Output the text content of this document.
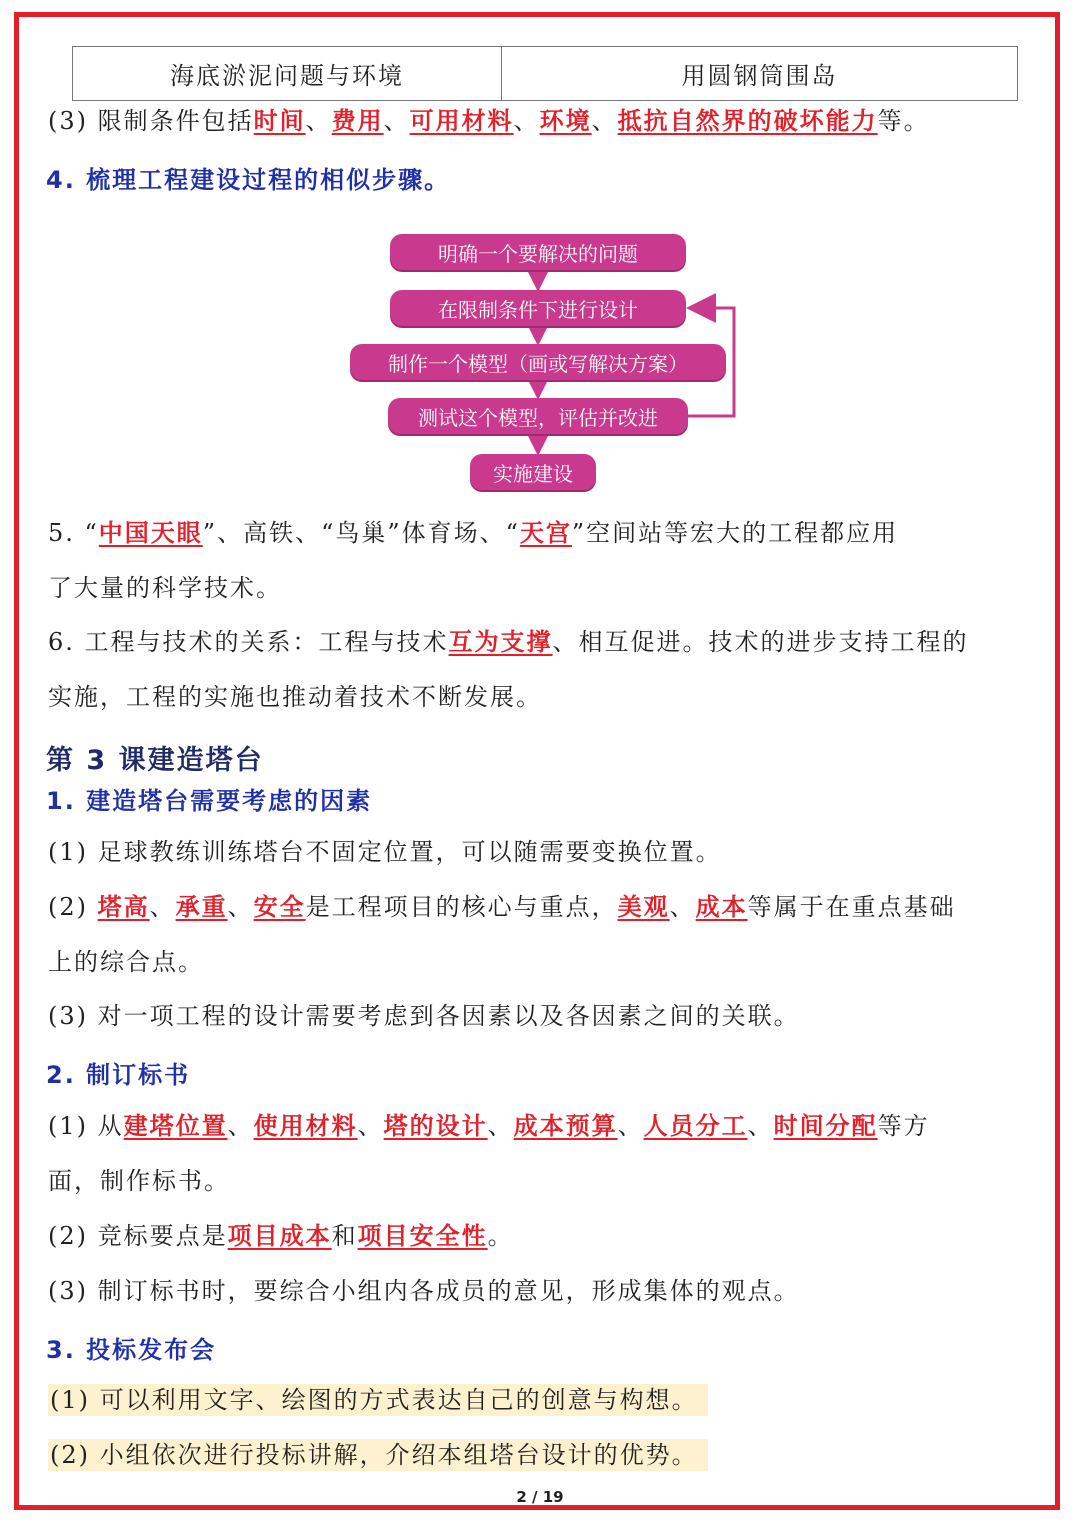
海底淤泥问题与环境	用圆钢筒围岛
(3) 限制条件包括时间、费用、可用材料、环境、抵抗自然界的破坏能力等。
4. 梳理工程建设过程的相似步骤。
明确一个要解决的问题
在限制条件下进行设计
制作一个模型（画或写解决方案）
测试这个模型，评估并改进
实施建设
5. “中国天眼”、高铁、“鸟巢”体育场、“天宫”空间站等宏大的工程都应用
了大量的科学技术。
6. 工程与技术的关系：工程与技术互为支撑、相互促进。技术的进步支持工程的
实施，工程的实施也推动着技术不断发展。
第 3 课建造塔台
1. 建造塔台需要考虑的因素
(1) 足球教练训练塔台不固定位置，可以随需要变换位置。
(2) 塔高、承重、安全是工程项目的核心与重点，美观、成本等属于在重点基础
上的综合点。
(3) 对一项工程的设计需要考虑到各因素以及各因素之间的关联。
2. 制订标书
(1) 从建塔位置、使用材料、塔的设计、成本预算、人员分工、时间分配等方
面，制作标书。
(2) 竞标要点是项目成本和项目安全性。
(3) 制订标书时，要综合小组内各成员的意见，形成集体的观点。
3. 投标发布会
(1) 可以利用文字、绘图的方式表达自己的创意与构想。
(2) 小组依次进行投标讲解，介绍本组塔台设计的优势。
2 / 19
